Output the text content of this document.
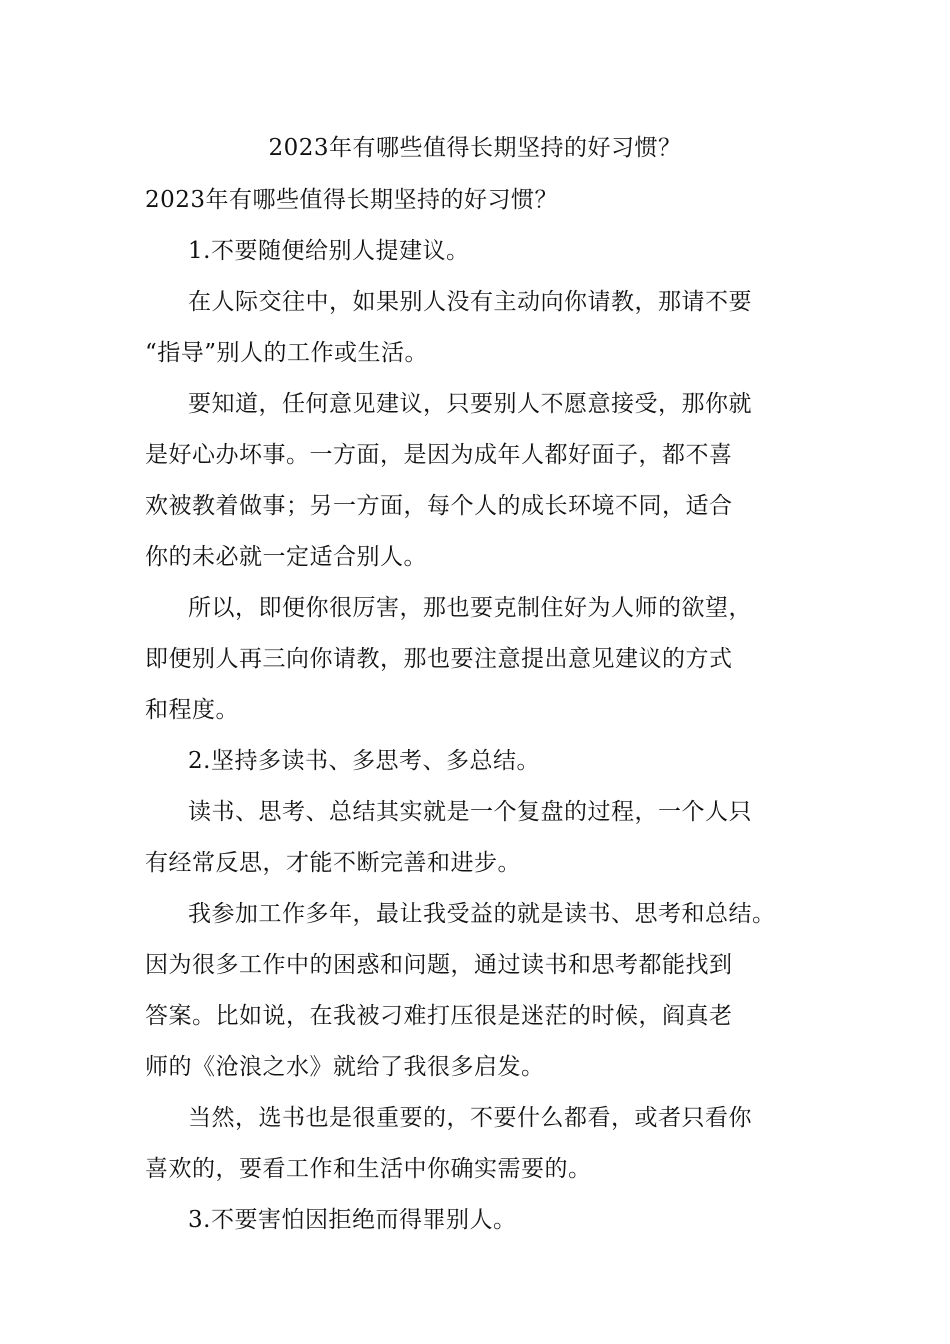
2023年有哪些值得长期坚持的好习惯？
2023年有哪些值得长期坚持的好习惯？
1.不要随便给别人提建议。
在人际交往中，如果别人没有主动向你请教，那请不要
“指导”别人的工作或生活。
要知道，任何意见建议，只要别人不愿意接受，那你就
是好心办坏事。一方面，是因为成年人都好面子，都不喜
欢被教着做事；另一方面，每个人的成长环境不同，适合
你的未必就一定适合别人。
所以，即便你很厉害，那也要克制住好为人师的欲望，
即便别人再三向你请教，那也要注意提出意见建议的方式
和程度。
2.坚持多读书、多思考、多总结。
读书、思考、总结其实就是一个复盘的过程，一个人只
有经常反思，才能不断完善和进步。
我参加工作多年，最让我受益的就是读书、思考和总结。
因为很多工作中的困惑和问题，通过读书和思考都能找到
答案。比如说，在我被刁难打压很是迷茫的时候，阎真老
师的《沧浪之水》就给了我很多启发。
当然，选书也是很重要的，不要什么都看，或者只看你
喜欢的，要看工作和生活中你确实需要的。
3.不要害怕因拒绝而得罪别人。
